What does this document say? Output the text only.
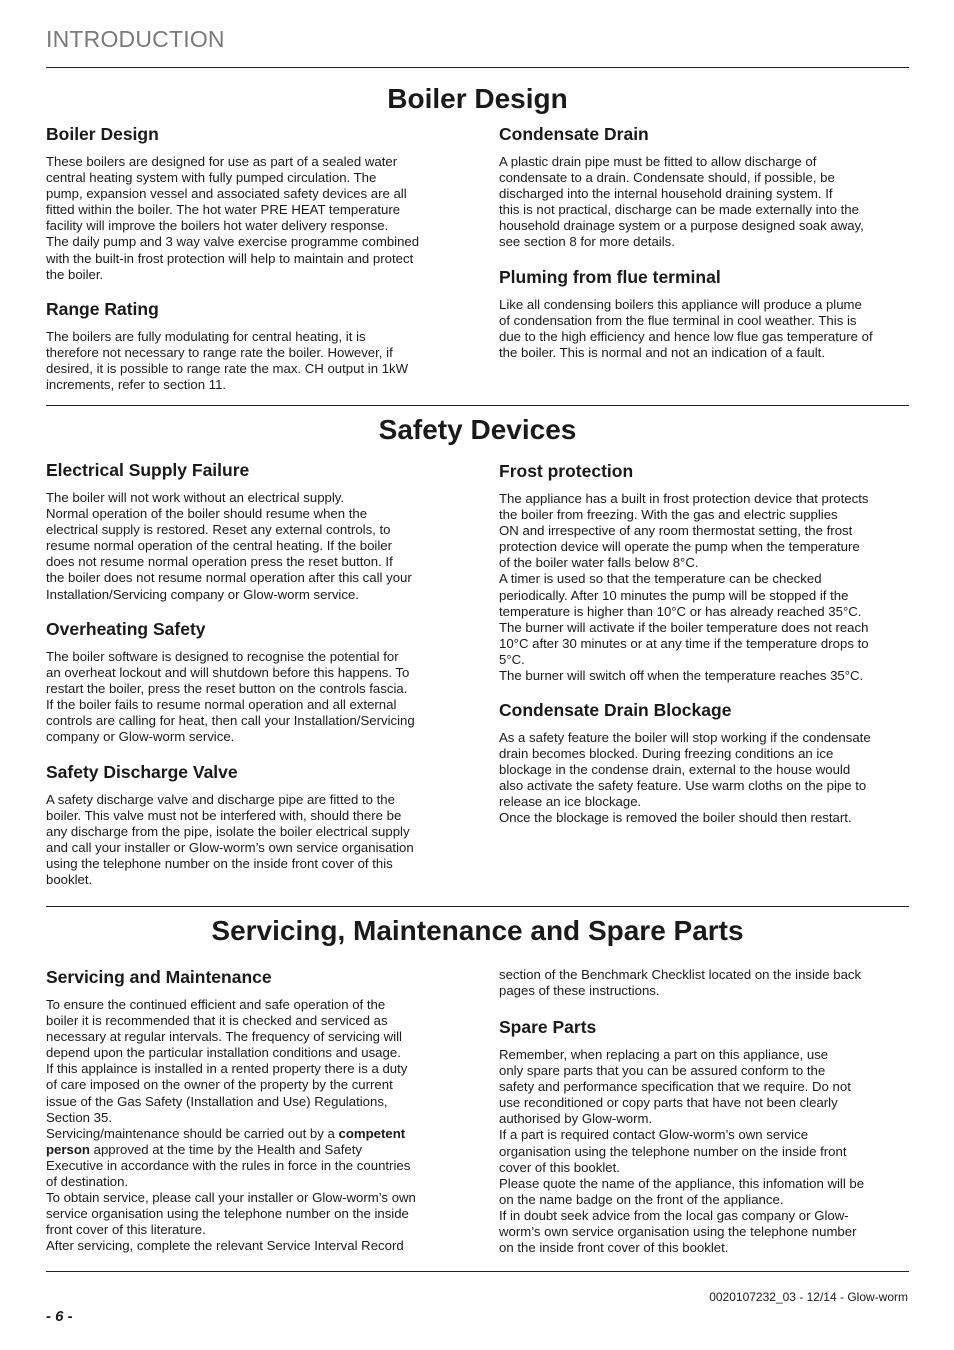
INTRODUCTION
Boiler Design
Boiler Design

These boilers are designed for use as part of a sealed water
central heating system with fully pumped circulation. The
pump, expansion vessel and associated safety devices are all
fitted within the boiler. The hot water PRE HEAT temperature
facility will improve the boilers hot water delivery response.
The daily pump and 3 way valve exercise programme combined
with the built-in frost protection will help to maintain and protect
the boiler.

Range Rating

The boilers are fully modulating for central heating, it is
therefore not necessary to range rate the boiler. However, if
desired, it is possible to range rate the max. CH output in 1kW
increments, refer to section 11.

Condensate Drain

A plastic drain pipe must be fitted to allow discharge of
condensate to a drain. Condensate should, if possible, be
discharged into the internal household draining system. If
this is not practical, discharge can be made externally into the
household drainage system or a purpose designed soak away,
see section 8 for more details.

Pluming from flue terminal

Like all condensing boilers this appliance will produce a plume
of condensation from the flue terminal in cool weather. This is
due to the high efficiency and hence low flue gas temperature of
the boiler. This is normal and not an indication of a fault.

Safety Devices
Electrical Supply Failure

The boiler will not work without an electrical supply.
Normal operation of the boiler should resume when the
electrical supply is restored. Reset any external controls, to
resume normal operation of the central heating. If the boiler
does not resume normal operation press the reset button. If
the boiler does not resume normal operation after this call your
Installation/Servicing company or Glow-worm service.

Overheating Safety

The boiler software is designed to recognise the potential for
an overheat lockout and will shutdown before this happens. To
restart the boiler, press the reset button on the controls fascia.
If the boiler fails to resume normal operation and all external
controls are calling for heat, then call your Installation/Servicing
company or Glow-worm service.

Safety Discharge Valve

A safety discharge valve and discharge pipe are fitted to the
boiler. This valve must not be interfered with, should there be
any discharge from the pipe, isolate the boiler electrical supply
and call your installer or Glow-worm’s own service organisation
using the telephone number on the inside front cover of this
booklet.

Frost protection

The appliance has a built in frost protection device that protects
the boiler from freezing. With the gas and electric supplies
ON and irrespective of any room thermostat setting, the frost
protection device will operate the pump when the temperature
of the boiler water falls below 8°C.
A timer is used so that the temperature can be checked
periodically. After 10 minutes the pump will be stopped if the
temperature is higher than 10°C or has already reached 35°C.
The burner will activate if the boiler temperature does not reach
10°C after 30 minutes or at any time if the temperature drops to
5°C.
The burner will switch off when the temperature reaches 35°C.

Condensate Drain Blockage

As a safety feature the boiler will stop working if the condensate
drain becomes blocked. During freezing conditions an ice
blockage in the condense drain, external to the house would
also activate the safety feature. Use warm cloths on the pipe to
release an ice blockage.
Once the blockage is removed the boiler should then restart.

Servicing, Maintenance and Spare Parts
Servicing and Maintenance

To ensure the continued efficient and safe operation of the
boiler it is recommended that it is checked and serviced as
necessary at regular intervals. The frequency of servicing will
depend upon the particular installation conditions and usage.
If this applaince is installed in a rented property there is a duty
of care imposed on the owner of the property by the current
issue of the Gas Safety (Installation and Use) Regulations,
Section 35.
Servicing/maintenance should be carried out by a competent
person approved at the time by the Health and Safety
Executive in accordance with the rules in force in the countries
of destination.
To obtain service, please call your installer or Glow-worm’s own
service organisation using the telephone number on the inside
front cover of this literature.
After servicing, complete the relevant Service Interval Record

section of the Benchmark Checklist located on the inside back
pages of these instructions.

Spare Parts

Remember, when replacing a part on this appliance, use
only spare parts that you can be assured conform to the
safety and performance specification that we require. Do not
use reconditioned or copy parts that have not been clearly
authorised by Glow-worm.
If a part is required contact Glow-worm’s own service
organisation using the telephone number on the inside front
cover of this booklet.
Please quote the name of the appliance, this infomation will be
on the name badge on the front of the appliance.
If in doubt seek advice from the local gas company or Glow-
worm’s own service organisation using the telephone number
on the inside front cover of this booklet.

0020107232_03 - 12/14 - Glow-worm
- 6 -
